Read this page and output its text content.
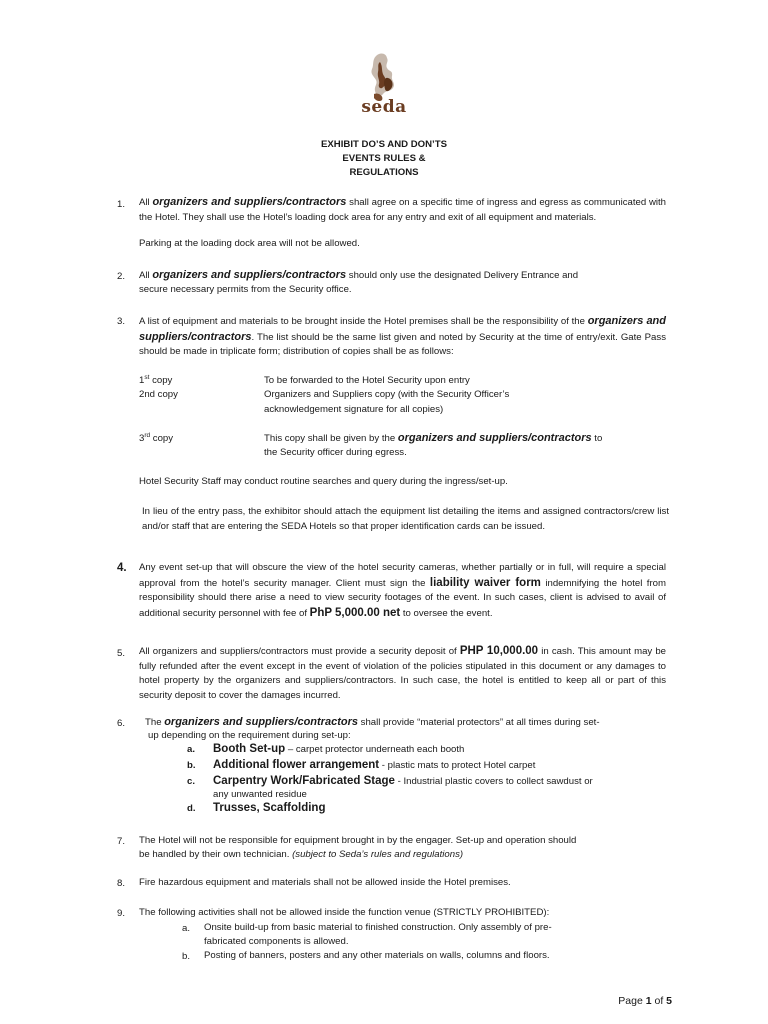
seda
EXHIBIT DO’S AND DON’TS
EVENTS RULES &
REGULATIONS
1.	All organizers and suppliers/contractors shall agree on a specific time of ingress and egress as communicated with the Hotel. They shall use the Hotel’s loading dock area for any entry and exit of all equipment and materials.
Parking at the loading dock area will not be allowed.
2.	All organizers and suppliers/contractors should only use the designated Delivery Entrance and
secure necessary permits from the Security office.
3.	A list of equipment and materials to be brought inside the Hotel premises shall be the responsibility of the organizers and suppliers/contractors. The list should be the same list given and noted by Security at the time of entry/exit. Gate Pass should be made in triplicate form; distribution of copies shall be as follows:
1st copy	To be forwarded to the Hotel Security upon entry
2nd copy	Organizers and Suppliers copy (with the Security Officer’s
acknowledgement signature for all copies)
3rd copy	This copy shall be given by the organizers and suppliers/contractors to
the Security officer during egress.
Hotel Security Staff may conduct routine searches and query during the ingress/set-up.
In lieu of the entry pass, the exhibitor should attach the equipment list detailing the items and assigned contractors/crew list and/or staff that are entering the SEDA Hotels so that proper identification cards can be issued.
4.	Any event set-up that will obscure the view of the hotel security cameras, whether partially or in full, will require a special approval from the hotel’s security manager. Client must sign the liability waiver form indemnifying the hotel from responsibility should there arise a need to view security footages of the event. In such cases, client is advised to avail of additional security personnel with fee of PhP 5,000.00 net to oversee the event.
5.	All organizers and suppliers/contractors must provide a security deposit of PHP 10,000.00 in cash. This amount may be fully refunded after the event except in the event of violation of the policies stipulated in this document or any damages to hotel property by the organizers and suppliers/contractors. In such case, the hotel is entitled to keep all or part of this security deposit to cover the damages incurred.
6.	The organizers and suppliers/contractors shall provide “material protectors” at all times during set-
up depending on the requirement during set-up:
a.	Booth Set-up – carpet protector underneath each booth
b.	Additional flower arrangement - plastic mats to protect Hotel carpet
c.	Carpentry Work/Fabricated Stage - Industrial plastic covers to collect sawdust or
any unwanted residue
d.	Trusses, Scaffolding
7.	The Hotel will not be responsible for equipment brought in by the engager. Set-up and operation should
be handled by their own technician. (subject to Seda’s rules and regulations)
8.	Fire hazardous equipment and materials shall not be allowed inside the Hotel premises.
9.	The following activities shall not be allowed inside the function venue (STRICTLY PROHIBITED):
a.	Onsite build-up from basic material to finished construction. Only assembly of pre-
fabricated components is allowed.
b.	Posting of banners, posters and any other materials on walls, columns and floors.
Page 1 of 5
